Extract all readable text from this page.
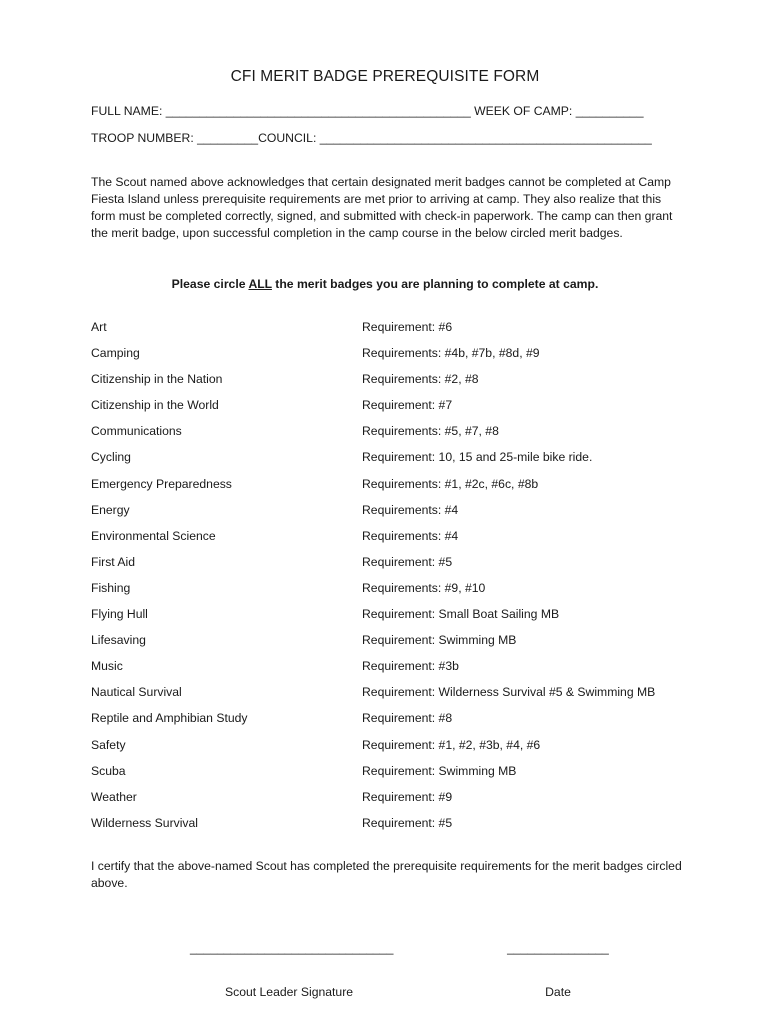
CFI MERIT BADGE PREREQUISITE FORM
FULL NAME: _____________________________________________ WEEK OF CAMP: __________
TROOP NUMBER: _________COUNCIL: _________________________________________________
The Scout named above acknowledges that certain designated merit badges cannot be completed at Camp Fiesta Island unless prerequisite requirements are met prior to arriving at camp. They also realize that this form must be completed correctly, signed, and submitted with check-in paperwork. The camp can then grant the merit badge, upon successful completion in the camp course in the below circled merit badges.
Please circle ALL the merit badges you are planning to complete at camp.
Art	Requirement: #6
Camping	Requirements: #4b, #7b, #8d, #9
Citizenship in the Nation	Requirements: #2, #8
Citizenship in the World	Requirement: #7
Communications	Requirements: #5, #7, #8
Cycling	Requirement: 10, 15 and 25-mile bike ride.
Emergency Preparedness	Requirements: #1, #2c, #6c, #8b
Energy	Requirements: #4
Environmental Science	Requirements: #4
First Aid	Requirement: #5
Fishing	Requirements: #9, #10
Flying Hull	Requirement: Small Boat Sailing MB
Lifesaving	Requirement: Swimming MB
Music	Requirement: #3b
Nautical Survival	Requirement: Wilderness Survival #5 & Swimming MB
Reptile and Amphibian Study	Requirement: #8
Safety	Requirement: #1, #2, #3b, #4, #6
Scuba	Requirement: Swimming MB
Weather	Requirement: #9
Wilderness Survival	Requirement: #5
I certify that the above-named Scout has completed the prerequisite requirements for the merit badges circled above.

______________________________

Scout Leader Signature

_______________

Date
